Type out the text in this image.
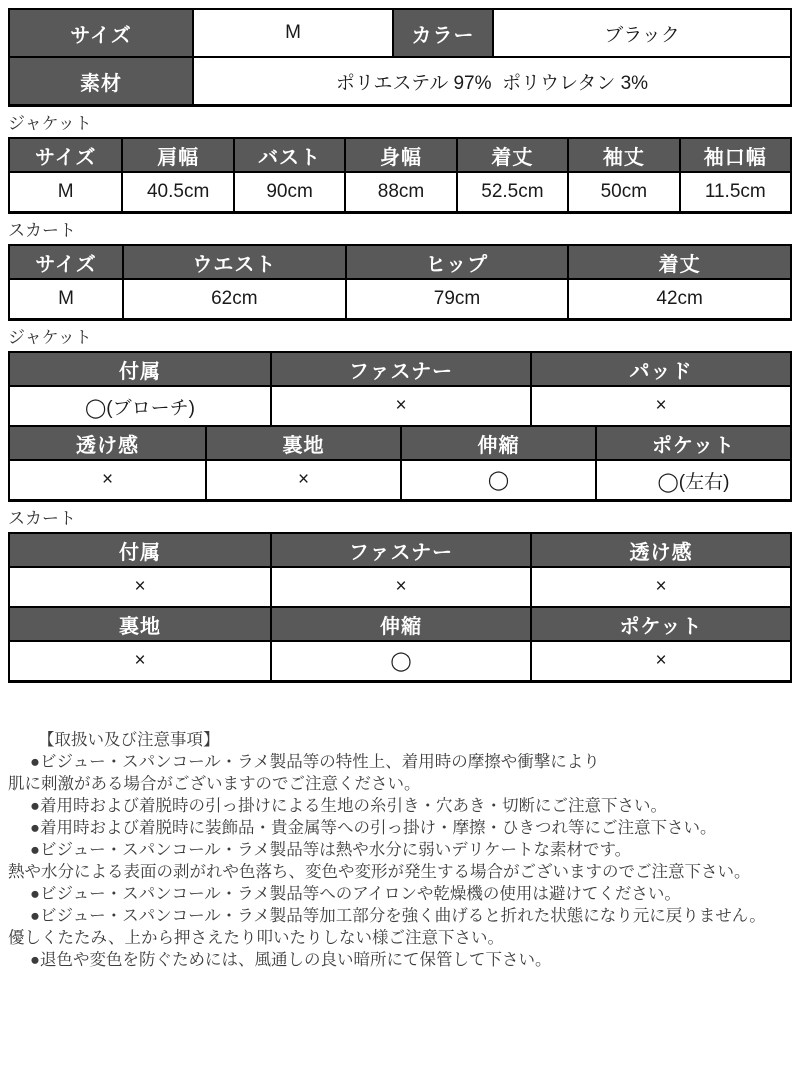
サイズ	M	カラー	ブラック
素材	ポリエステル 97%  ポリウレタン 3%
ジャケット
サイズ	肩幅	バスト	身幅	着丈	袖丈	袖口幅
M	40.5cm	90cm	88cm	52.5cm	50cm	11.5cm
スカート
サイズ	ウエスト	ヒップ	着丈
M	62cm	79cm	42cm
ジャケット
付属	ファスナー	パッド
◯(ブローチ)	×	×
透け感	裏地	伸縮	ポケット
×	×	◯	◯(左右)
スカート
付属	ファスナー	透け感
×	×	×
裏地	伸縮	ポケット
×	◯	×
【取扱い及び注意事項】
●ビジュー・スパンコール・ラメ製品等の特性上、着用時の摩擦や衝撃により
肌に刺激がある場合がございますのでご注意ください。
●着用時および着脱時の引っ掛けによる生地の糸引き・穴あき・切断にご注意下さい。
●着用時および着脱時に装飾品・貴金属等への引っ掛け・摩擦・ひきつれ等にご注意下さい。
●ビジュー・スパンコール・ラメ製品等は熱や水分に弱いデリケートな素材です。
熱や水分による表面の剥がれや色落ち、変色や変形が発生する場合がございますのでご注意下さい。
●ビジュー・スパンコール・ラメ製品等へのアイロンや乾燥機の使用は避けてください。
●ビジュー・スパンコール・ラメ製品等加工部分を強く曲げると折れた状態になり元に戻りません。
優しくたたみ、上から押さえたり叩いたりしない様ご注意下さい。
●退色や変色を防ぐためには、風通しの良い暗所にて保管して下さい。
